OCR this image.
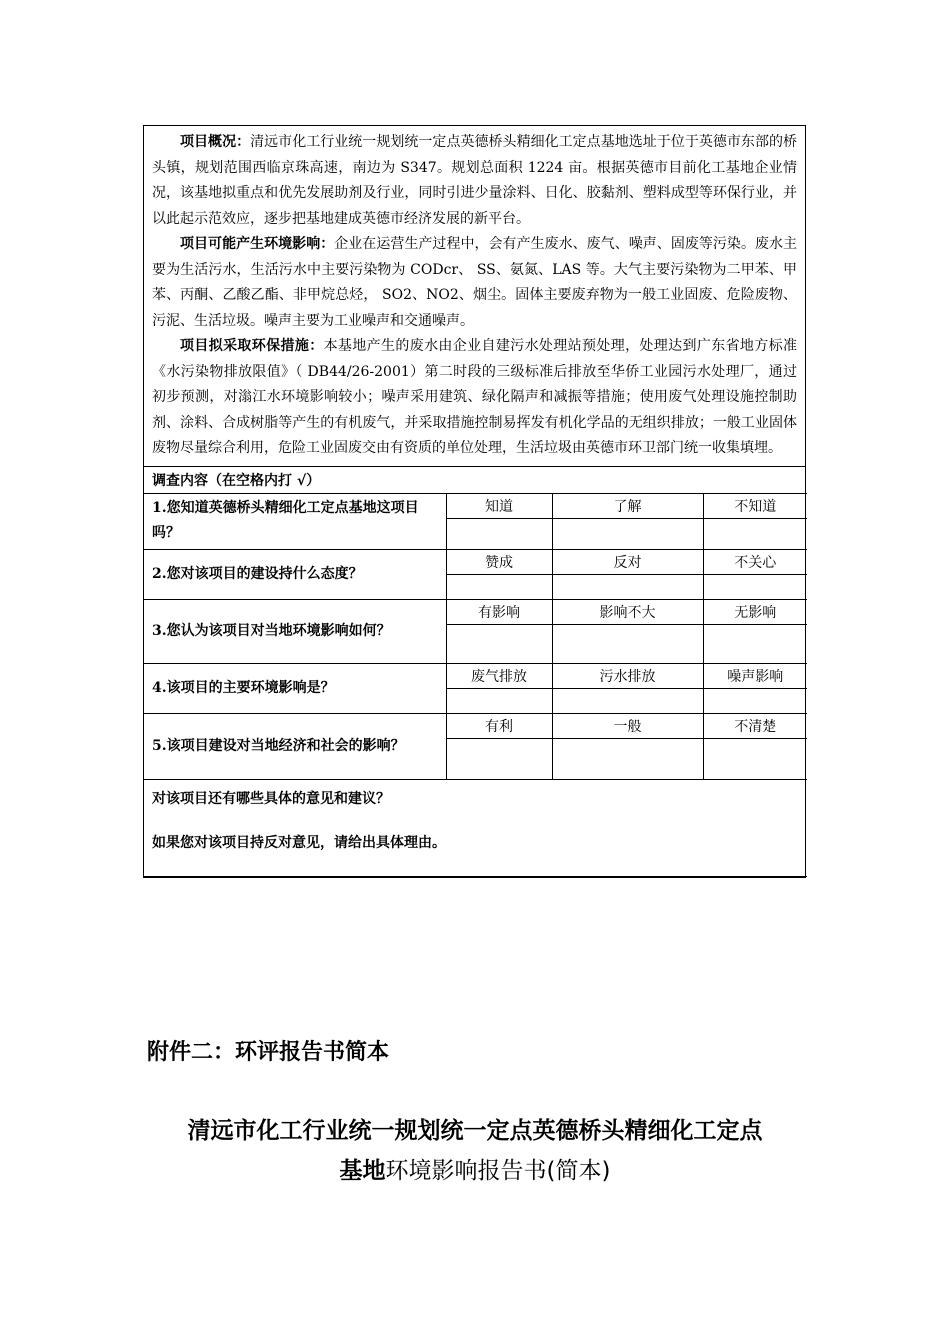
项目概况：清远市化工行业统一规划统一定点英德桥头精细化工定点基地选址于位于英德市东部的桥头镇，规划范围西临京珠高速，南边为 S347。规划总面积 1224 亩。根据英德市目前化工基地企业情况，该基地拟重点和优先发展助剂及行业，同时引进少量涂料、日化、胶黏剂、塑料成型等环保行业，并以此起示范效应，逐步把基地建成英德市经济发展的新平台。

项目可能产生环境影响：企业在运营生产过程中，会有产生废水、废气、噪声、固废等污染。废水主要为生活污水，生活污水中主要污染物为 CODcr、 SS、氨氮、LAS 等。大气主要污染物为二甲苯、甲苯、丙酮、乙酸乙酯、非甲烷总烃， SO2、NO2、烟尘。固体主要废弃物为一般工业固废、危险废物、污泥、生活垃圾。噪声主要为工业噪声和交通噪声。

项目拟采取环保措施：本基地产生的废水由企业自建污水处理站预处理，处理达到广东省地方标准《水污染物排放限值》（ DB44/26-2001）第二时段的三级标准后排放至华侨工业园污水处理厂，通过初步预测，对滃江水环境影响较小；噪声采用建筑、绿化隔声和减振等措施；使用废气处理设施控制助剂、涂料、合成树脂等产生的有机废气，并采取措施控制易挥发有机化学品的无组织排放；一般工业固体废物尽量综合利用，危险工业固废交由有资质的单位处理，生活垃圾由英德市环卫部门统一收集填埋。

调查内容（在空格内打 √）			
1.您知道英德桥头精细化工定点基地这项目吗？	知道	了解	不知道

2.您对该项目的建设持什么态度？	赞成	反对	不关心

3.您认为该项目对当地环境影响如何？	有影响	影响不大	无影响

4.该项目的主要环境影响是？	废气排放	污水排放	噪声影响

5.该项目建设对当地经济和社会的影响？	有利	一般	不清楚

对该项目还有哪些具体的意见和建议？

如果您对该项目持反对意见，请给出具体理由。			

附件二：环评报告书简本
清远市化工行业统一规划统一定点英德桥头精细化工定点
基地环境影响报告书(简本)
